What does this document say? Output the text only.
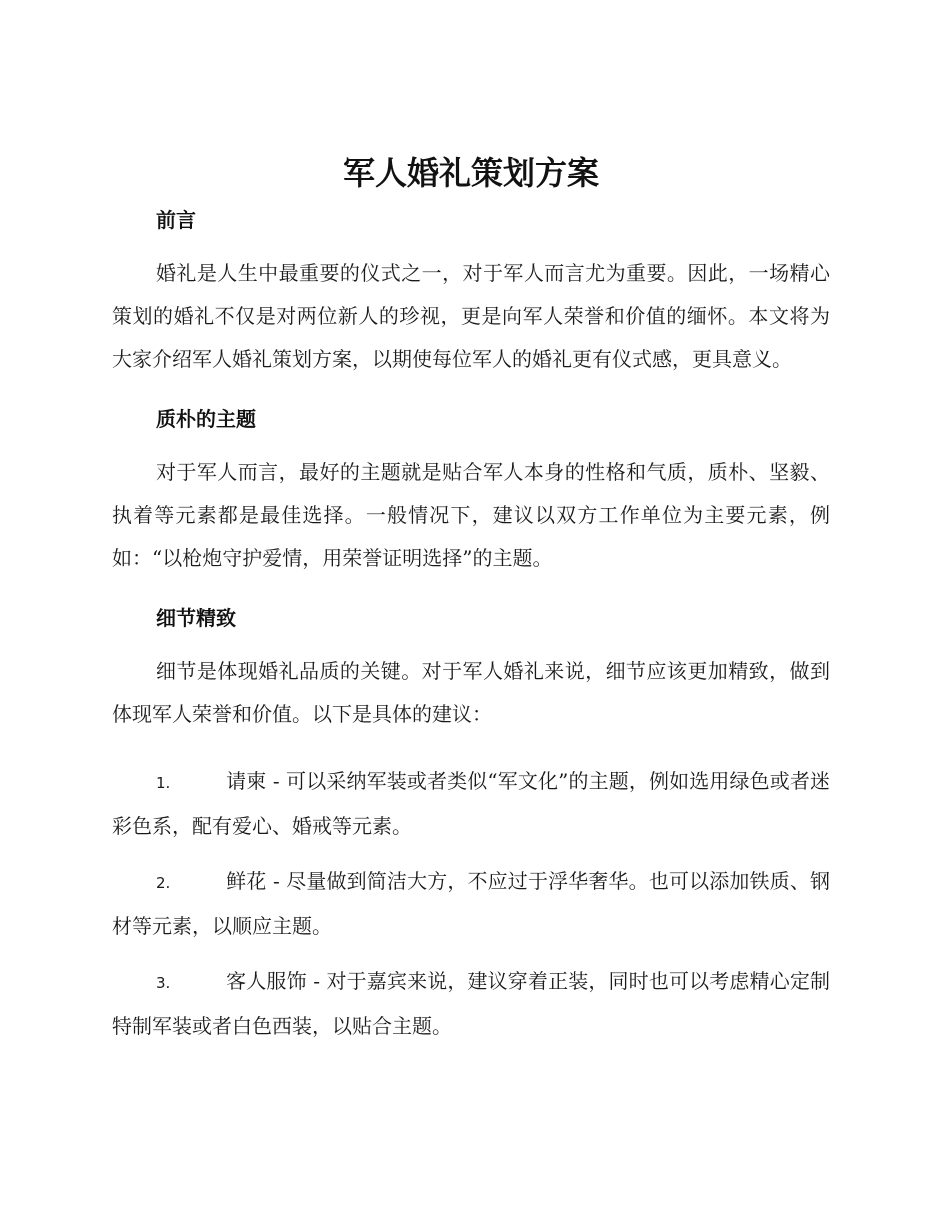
军人婚礼策划方案
前言

婚礼是人生中最重要的仪式之一，对于军人而言尤为重要。因此，一场精心策划的婚礼不仅是对两位新人的珍视，更是向军人荣誉和价值的缅怀。本文将为大家介绍军人婚礼策划方案，以期使每位军人的婚礼更有仪式感，更具意义。

质朴的主题

对于军人而言，最好的主题就是贴合军人本身的性格和气质，质朴、坚毅、执着等元素都是最佳选择。一般情况下，建议以双方工作单位为主要元素，例如：“以枪炮守护爱情，用荣誉证明选择”的主题。

细节精致

细节是体现婚礼品质的关键。对于军人婚礼来说，细节应该更加精致，做到体现军人荣誉和价值。以下是具体的建议：

1.	请柬 - 可以采纳军装或者类似“军文化”的主题，例如选用绿色或者迷彩色系，配有爱心、婚戒等元素。

2.	鲜花 - 尽量做到简洁大方，不应过于浮华奢华。也可以添加铁质、钢材等元素，以顺应主题。

3.	客人服饰 - 对于嘉宾来说，建议穿着正装，同时也可以考虑精心定制特制军装或者白色西装，以贴合主题。
